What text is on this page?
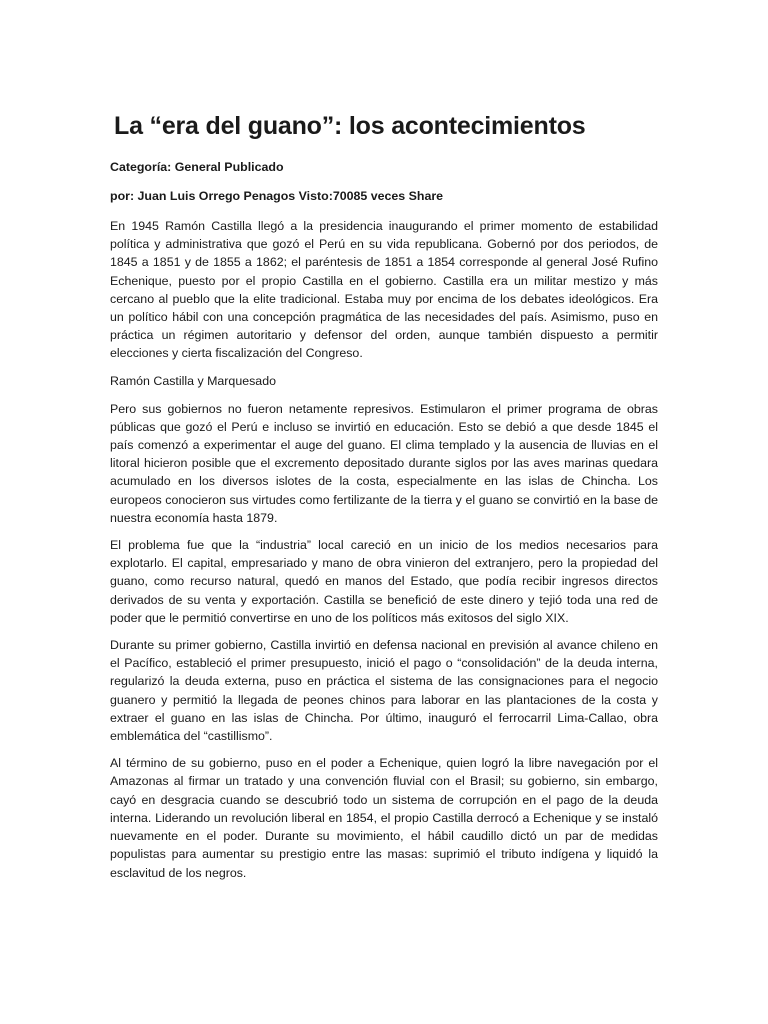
La “era del guano”: los acontecimientos

Categoría: General Publicado

por: Juan Luis Orrego Penagos Visto:70085 veces Share

En 1945 Ramón Castilla llegó a la presidencia inaugurando el primer momento de estabilidad política y administrativa que gozó el Perú en su vida republicana. Gobernó por dos periodos, de 1845 a 1851 y de 1855 a 1862; el paréntesis de 1851 a 1854 corresponde al general José Rufino Echenique, puesto por el propio Castilla en el gobierno. Castilla era un militar mestizo y más cercano al pueblo que la elite tradicional. Estaba muy por encima de los debates ideológicos. Era un político hábil con una concepción pragmática de las necesidades del país. Asimismo, puso en práctica un régimen autoritario y defensor del orden, aunque también dispuesto a permitir elecciones y cierta fiscalización del Congreso.

Ramón Castilla y Marquesado

Pero sus gobiernos no fueron netamente represivos. Estimularon el primer programa de obras públicas que gozó el Perú e incluso se invirtió en educación. Esto se debió a que desde 1845 el país comenzó a experimentar el auge del guano. El clima templado y la ausencia de lluvias en el litoral hicieron posible que el excremento depositado durante siglos por las aves marinas quedara acumulado en los diversos islotes de la costa, especialmente en las islas de Chincha. Los europeos conocieron sus virtudes como fertilizante de la tierra y el guano se convirtió en la base de nuestra economía hasta 1879.

El problema fue que la “industria” local careció en un inicio de los medios necesarios para explotarlo. El capital, empresariado y mano de obra vinieron del extranjero, pero la propiedad del guano, como recurso natural, quedó en manos del Estado, que podía recibir ingresos directos derivados de su venta y exportación. Castilla se benefició de este dinero y tejió toda una red de poder que le permitió convertirse en uno de los políticos más exitosos del siglo XIX.

Durante su primer gobierno, Castilla invirtió en defensa nacional en previsión al avance chileno en el Pacífico, estableció el primer presupuesto, inició el pago o “consolidación” de la deuda interna, regularizó la deuda externa, puso en práctica el sistema de las consignaciones para el negocio guanero y permitió la llegada de peones chinos para laborar en las plantaciones de la costa y extraer el guano en las islas de Chincha. Por último, inauguró el ferrocarril Lima-Callao, obra emblemática del “castillismo”.

Al término de su gobierno, puso en el poder a Echenique, quien logró la libre navegación por el Amazonas al firmar un tratado y una convención fluvial con el Brasil; su gobierno, sin embargo, cayó en desgracia cuando se descubrió todo un sistema de corrupción en el pago de la deuda interna. Liderando un revolución liberal en 1854, el propio Castilla derrocó a Echenique y se instaló nuevamente en el poder. Durante su movimiento, el hábil caudillo dictó un par de medidas populistas para aumentar su prestigio entre las masas: suprimió el tributo indígena y liquidó la esclavitud de los negros.
